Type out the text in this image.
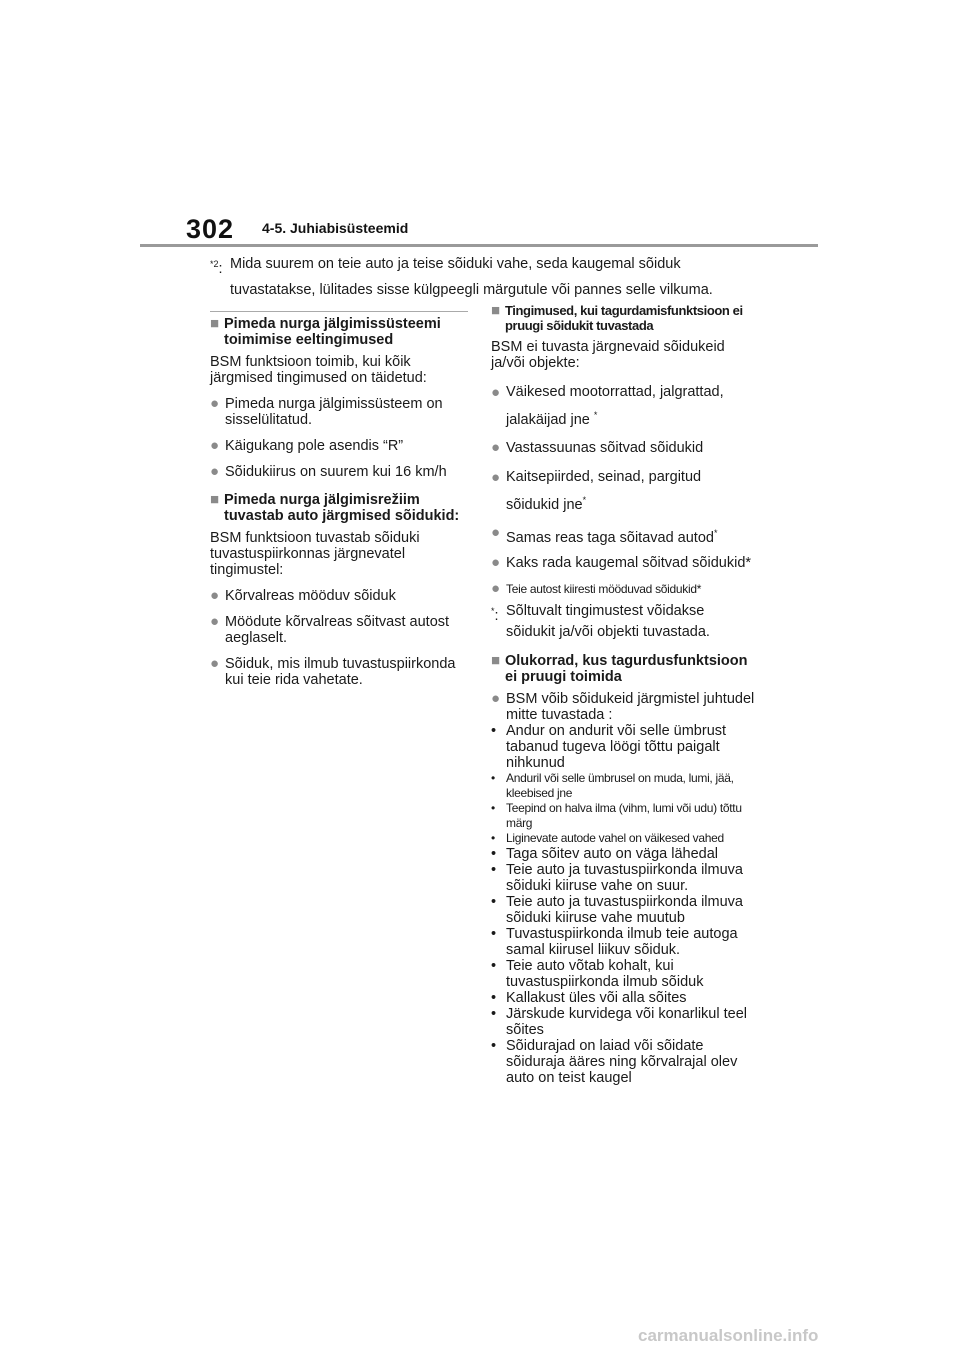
302 4-5. Juhiabisüsteemid
$^{*2}$: Mida suurem on teie auto ja teise sõiduki vahe, seda kaugemal sõiduk
tuvastatakse, lülitades sisse külgpeegli märgutule või pannes selle vilkuma.
■ Pimeda nurga jälgimissüsteemi toimimise eeltingimused
BSM funktsioon toimib, kui kõik järgmised tingimused on täidetud:
● Pimeda nurga jälgimissüsteem on sisselülitatud.
● Käigukang pole asendis “R”
● Sõidukiirus on suurem kui 16 km/h
■ Pimeda nurga jälgimisrežiim tuvastab auto järgmised sõidukid:
BSM funktsioon tuvastab sõiduki tuvastuspiirkonnas järgnevatel tingimustel:
● Kõrvalreas mööduv sõiduk
● Möödute kõrvalreas sõitvast autost aeglaselt.
● Sõiduk, mis ilmub tuvastuspiirkonda kui teie rida vahetate.
■ Tingimused, kui tagurdamisfunktsioon ei pruugi sõidukit tuvastada
BSM ei tuvasta järgnevaid sõidukeid ja/või objekte:
● Väikesed mootorrattad, jalgrattad, jalakäijad jne *
● Vastassuunas sõitvad sõidukid
● Kaitsepiirded, seinad, pargitud sõidukid jne*
● Samas reas taga sõitavad autod*
● Kaks rada kaugemal sõitvad sõidukid*
● Teie autost kiiresti mööduvad sõidukid*
*: Sõltuvalt tingimustest võidakse sõidukit ja/või objekti tuvastada.
■ Olukorrad, kus tagurdusfunktsioon ei pruugi toimida
● BSM võib sõidukeid järgmistel juhtudel mitte tuvastada :
• Andur on andurit või selle ümbrust tabanud tugeva löögi tõttu paigalt nihkunud
• Anduril või selle ümbrusel on muda, lumi, jää, kleebised jne
• Teepind on halva ilma (vihm, lumi või udu) tõttu märg
• Liginevate autode vahel on väikesed vahed
• Taga sõitev auto on väga lähedal
• Teie auto ja tuvastuspiirkonda ilmuva sõiduki kiiruse vahe on suur.
• Teie auto ja tuvastuspiirkonda ilmuva sõiduki kiiruse vahe muutub
• Tuvastuspiirkonda ilmub teie autoga samal kiirusel liikuv sõiduk.
• Teie auto võtab kohalt, kui tuvastuspiirkonda ilmub sõiduk
• Kallakust üles või alla sõites
• Järskude kurvidega või konarlikul teel sõites
• Sõidurajad on laiad või sõidate sõiduraja ääres ning kõrvalrajal olev auto on teist kaugel
carmanualsonline.info
